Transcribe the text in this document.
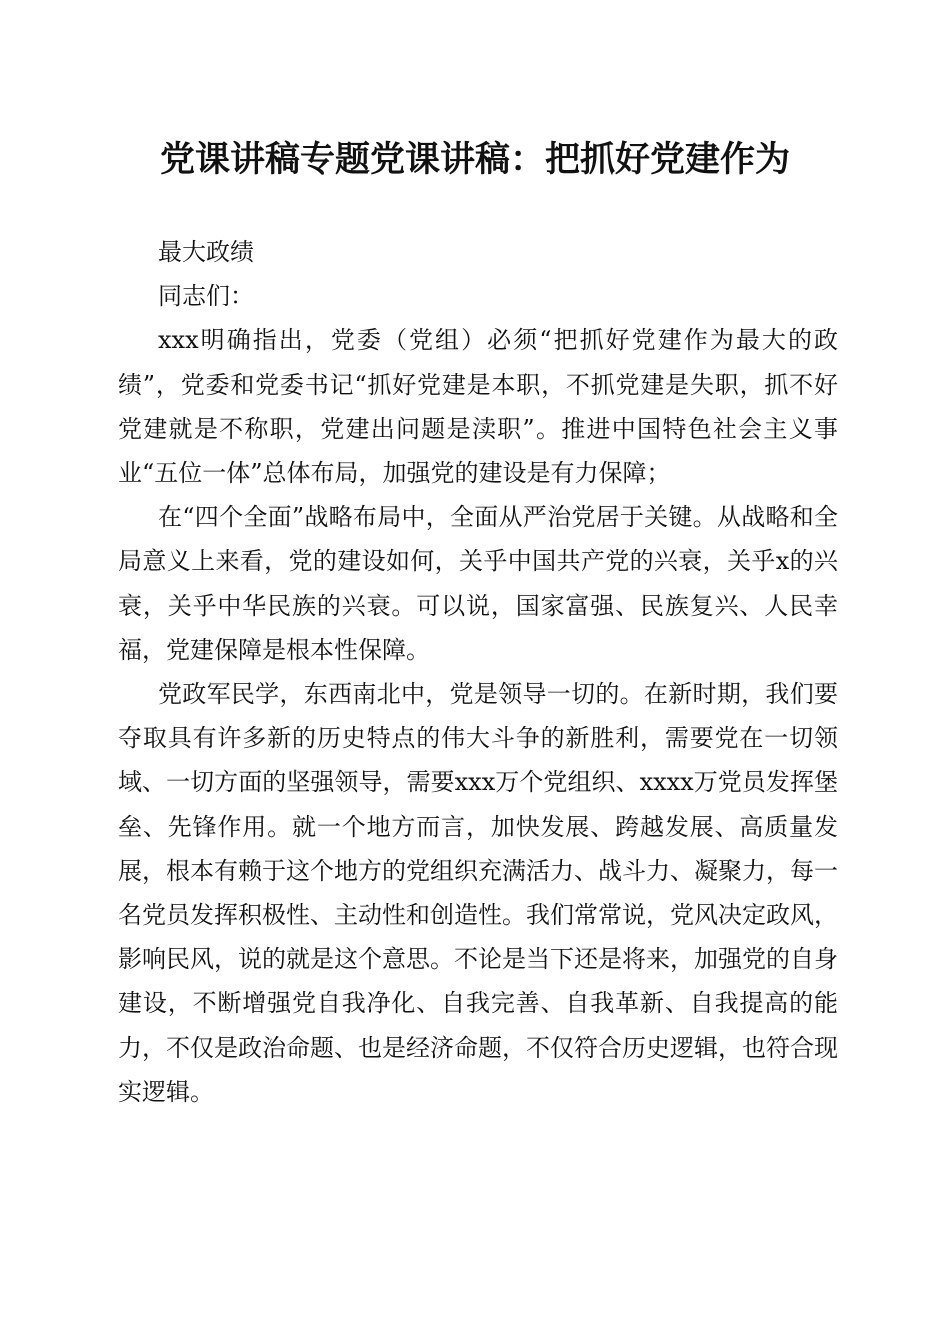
党课讲稿专题党课讲稿：把抓好党建作为

最大政绩

同志们：

xxx明确指出，党委（党组）必须“把抓好党建作为最大的政绩”，党委和党委书记“抓好党建是本职，不抓党建是失职，抓不好党建就是不称职，党建出问题是渎职”。推进中国特色社会主义事业“五位一体”总体布局，加强党的建设是有力保障；

在“四个全面”战略布局中，全面从严治党居于关键。从战略和全局意义上来看，党的建设如何，关乎中国共产党的兴衰，关乎x的兴衰，关乎中华民族的兴衰。可以说，国家富强、民族复兴、人民幸福，党建保障是根本性保障。

党政军民学，东西南北中，党是领导一切的。在新时期，我们要夺取具有许多新的历史特点的伟大斗争的新胜利，需要党在一切领域、一切方面的坚强领导，需要xxx万个党组织、xxxx万党员发挥堡垒、先锋作用。就一个地方而言，加快发展、跨越发展、高质量发展，根本有赖于这个地方的党组织充满活力、战斗力、凝聚力，每一名党员发挥积极性、主动性和创造性。我们常常说，党风决定政风，影响民风，说的就是这个意思。不论是当下还是将来，加强党的自身建设，不断增强党自我净化、自我完善、自我革新、自我提高的能力，不仅是政治命题、也是经济命题，不仅符合历史逻辑，也符合现实逻辑。
